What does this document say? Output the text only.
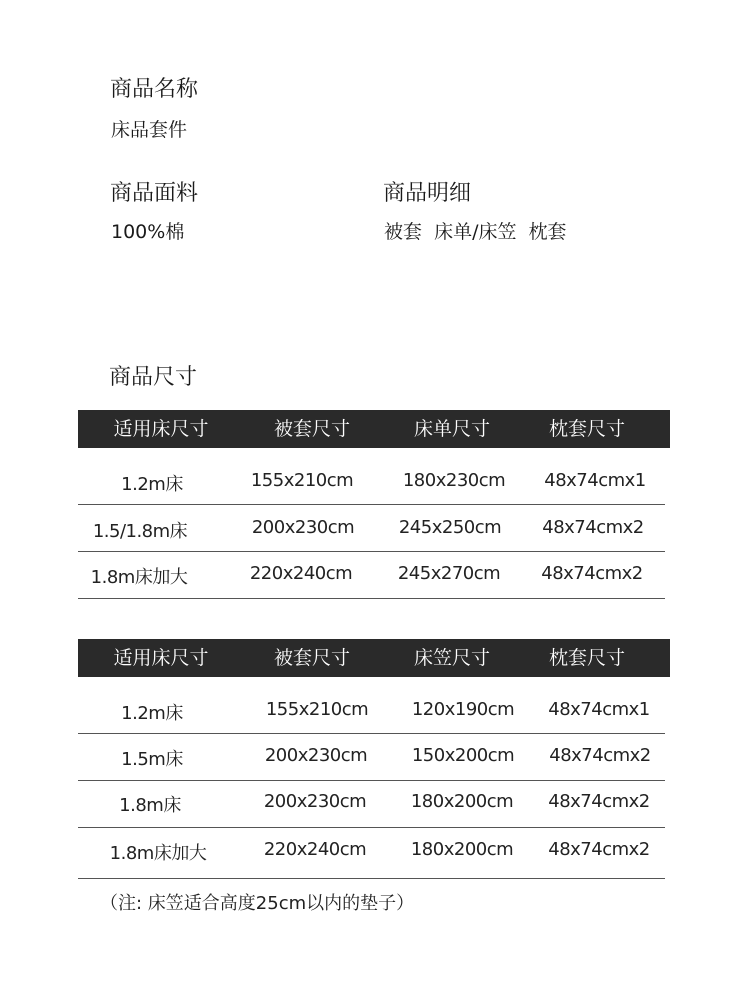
商品名称
床品套件
商品面料
100%棉
商品明细
被套  床单/床笠  枕套
商品尺寸
适用床尺寸	被套尺寸	床单尺寸	枕套尺寸
1.2m床	155x210cm	180x230cm 48x74cmx1
1.5/1.8m床	200x230cm 245x250cm 48x74cmx2
1.8m床加大	220x240cm	245x270cm 48x74cmx2
适用床尺寸	被套尺寸	床笠尺寸	枕套尺寸
1.2m床	155x210cm 120x190cm 48x74cmx1
1.5m床	200x230cm 150x200cm 48x74cmx2
1.8m床	200x230cm 180x200cm 48x74cmx2
1.8m床加大	220x240cm 180x200cm 48x74cmx2
（注: 床笠适合高度25cm以内的垫子）
